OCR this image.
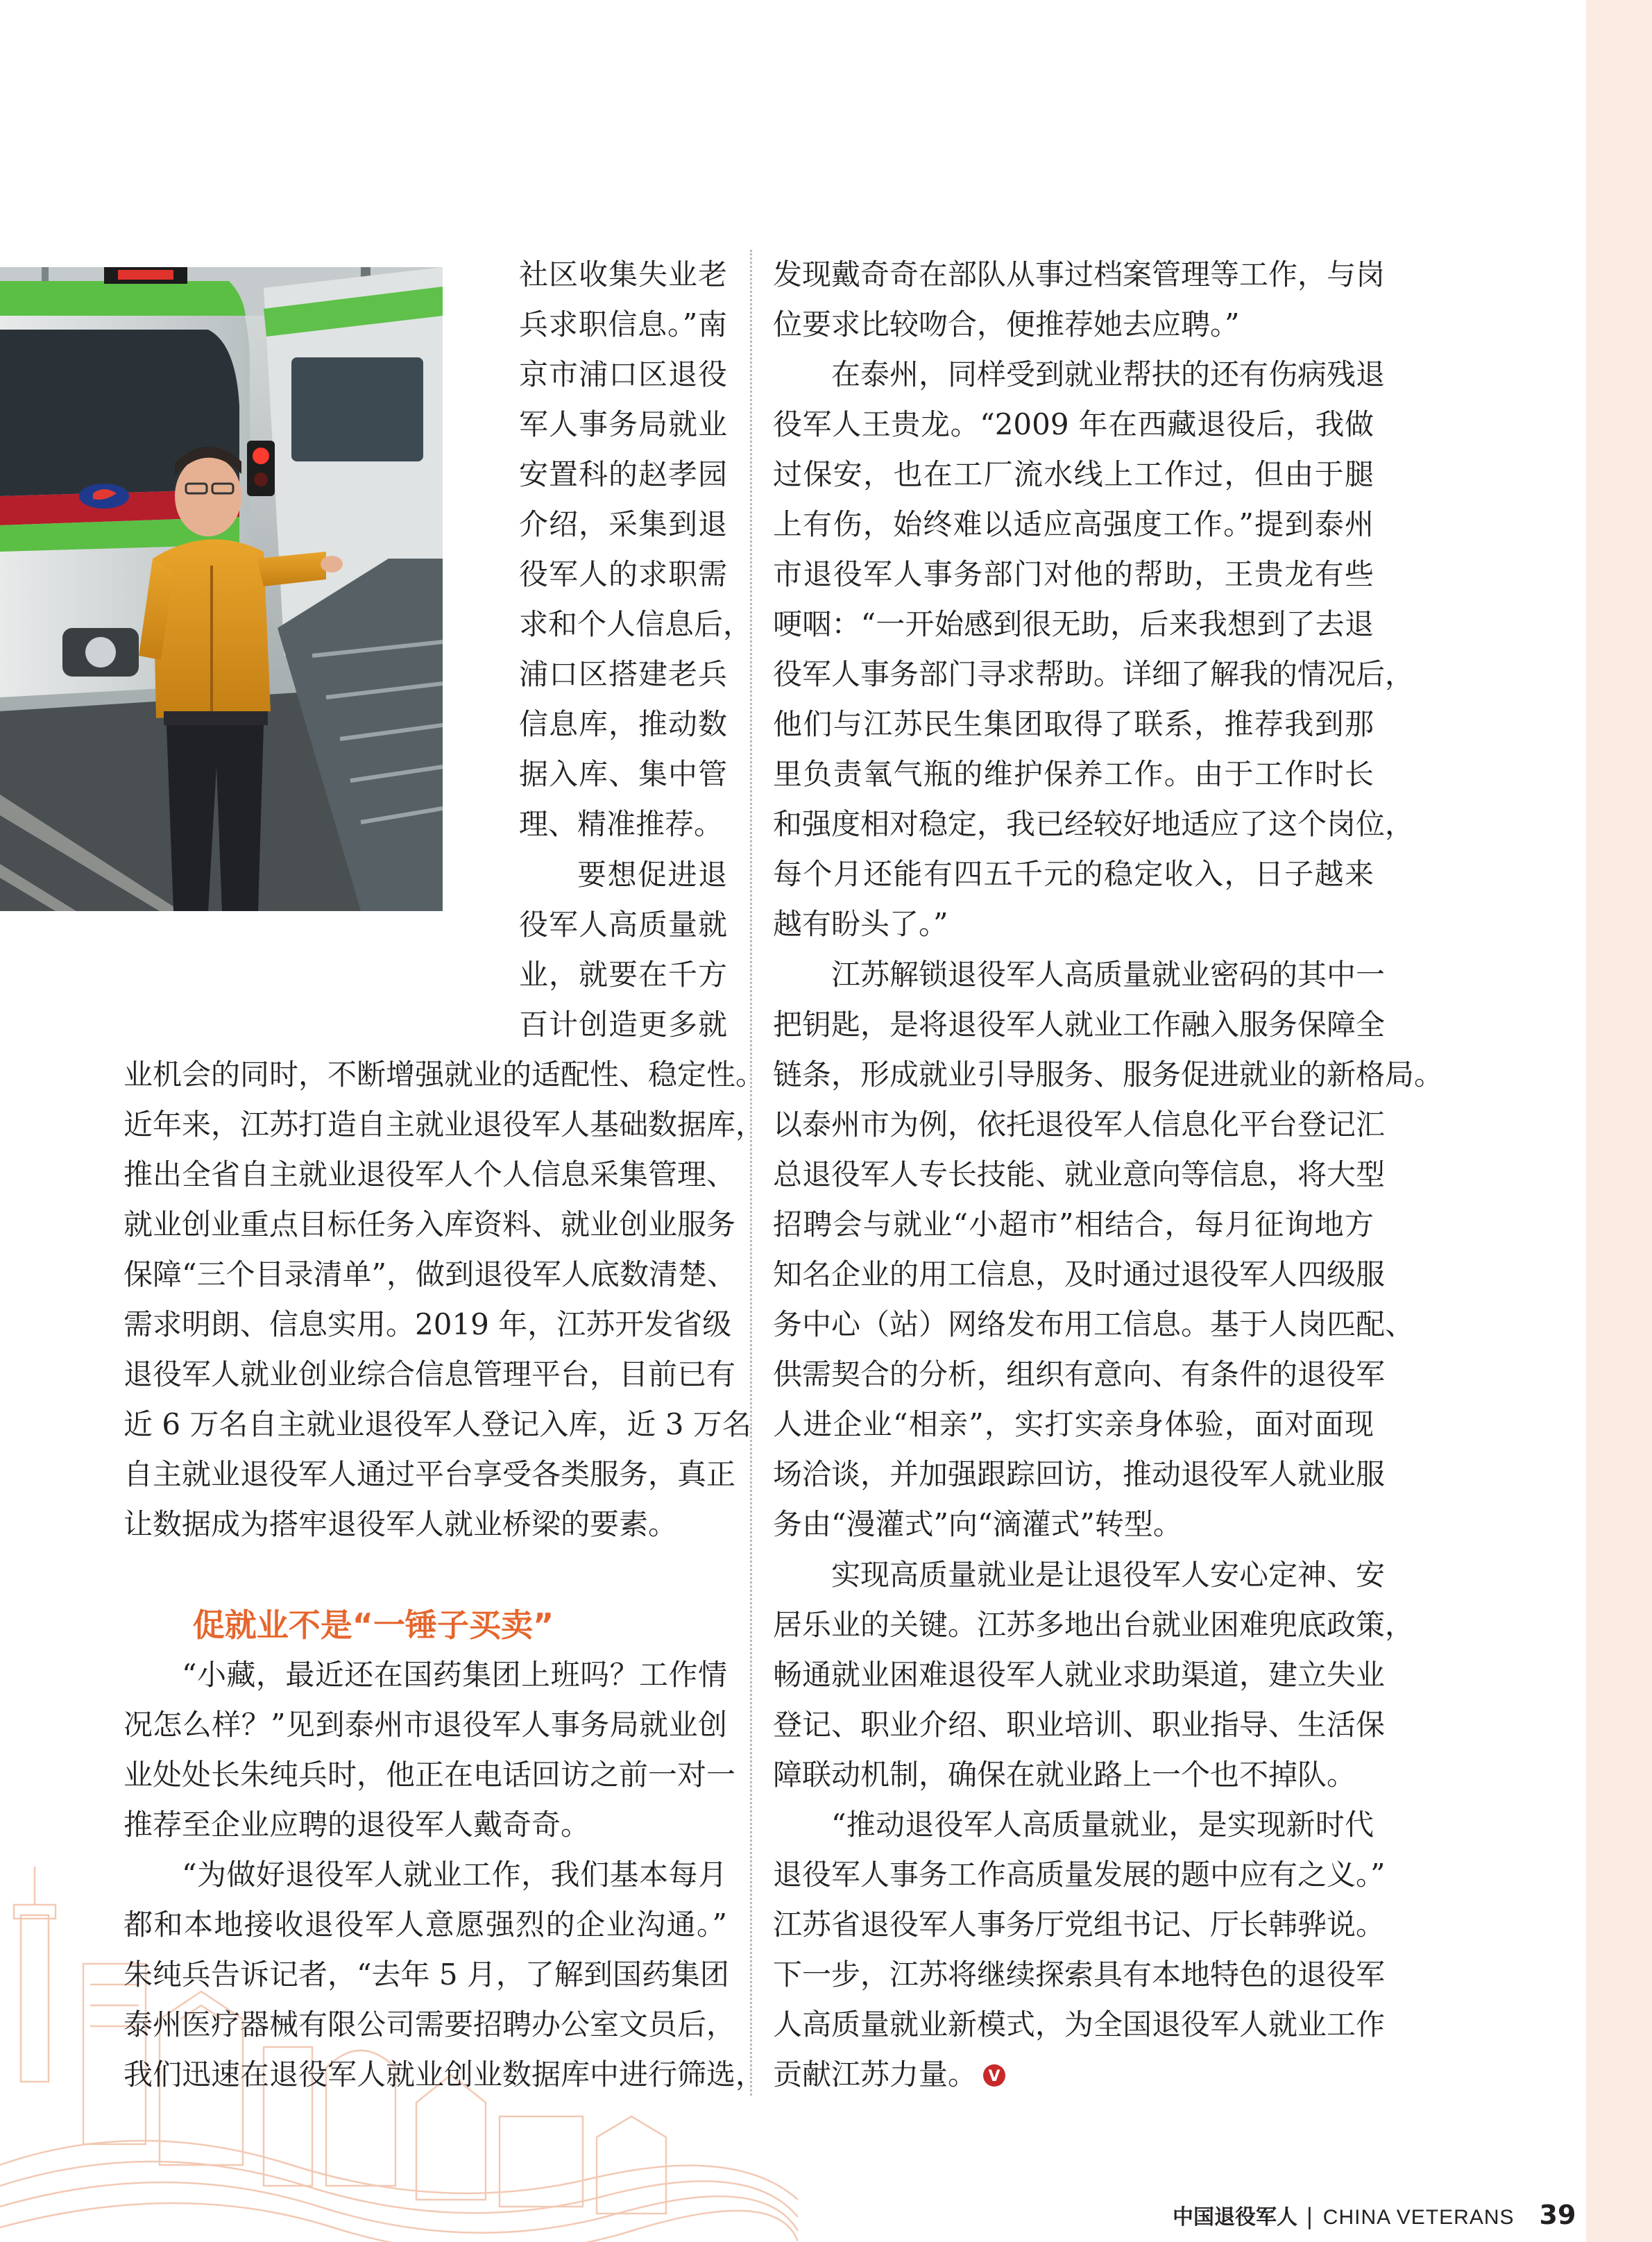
社区收集失业老
兵求职信息。”南
京市浦口区退役
军人事务局就业
安置科的赵孝园
介绍，采集到退
役军人的求职需
求和个人信息后，
浦口区搭建老兵
信息库，推动数
据入库、集中管
理、精准推荐。
要想促进退
役军人高质量就
业，就要在千方
百计创造更多就
业机会的同时，不断增强就业的适配性、稳定性。
近年来，江苏打造自主就业退役军人基础数据库，
推出全省自主就业退役军人个人信息采集管理、
就业创业重点目标任务入库资料、就业创业服务
保障“三个目录清单”，做到退役军人底数清楚、
需求明朗、信息实用。2019 年，江苏开发省级
退役军人就业创业综合信息管理平台，目前已有
近 6 万名自主就业退役军人登记入库，近 3 万名
自主就业退役军人通过平台享受各类服务，真正
让数据成为搭牢退役军人就业桥梁的要素。
促就业不是“一锤子买卖”
“小藏，最近还在国药集团上班吗？工作情
况怎么样？”见到泰州市退役军人事务局就业创
业处处长朱纯兵时，他正在电话回访之前一对一
推荐至企业应聘的退役军人戴奇奇。
“为做好退役军人就业工作，我们基本每月
都和本地接收退役军人意愿强烈的企业沟通。”
朱纯兵告诉记者，“去年 5 月，了解到国药集团
泰州医疗器械有限公司需要招聘办公室文员后，
我们迅速在退役军人就业创业数据库中进行筛选，
发现戴奇奇在部队从事过档案管理等工作，与岗
位要求比较吻合，便推荐她去应聘。”
在泰州，同样受到就业帮扶的还有伤病残退
役军人王贵龙。“2009 年在西藏退役后，我做
过保安，也在工厂流水线上工作过，但由于腿
上有伤，始终难以适应高强度工作。”提到泰州
市退役军人事务部门对他的帮助，王贵龙有些
哽咽：“一开始感到很无助，后来我想到了去退
役军人事务部门寻求帮助。详细了解我的情况后，
他们与江苏民生集团取得了联系，推荐我到那
里负责氧气瓶的维护保养工作。由于工作时长
和强度相对稳定，我已经较好地适应了这个岗位，
每个月还能有四五千元的稳定收入，日子越来
越有盼头了。”
江苏解锁退役军人高质量就业密码的其中一
把钥匙，是将退役军人就业工作融入服务保障全
链条，形成就业引导服务、服务促进就业的新格局。
以泰州市为例，依托退役军人信息化平台登记汇
总退役军人专长技能、就业意向等信息，将大型
招聘会与就业“小超市”相结合，每月征询地方
知名企业的用工信息，及时通过退役军人四级服
务中心（站）网络发布用工信息。基于人岗匹配、
供需契合的分析，组织有意向、有条件的退役军
人进企业“相亲”，实打实亲身体验，面对面现
场洽谈，并加强跟踪回访，推动退役军人就业服
务由“漫灌式”向“滴灌式”转型。
实现高质量就业是让退役军人安心定神、安
居乐业的关键。江苏多地出台就业困难兜底政策，
畅通就业困难退役军人就业求助渠道，建立失业
登记、职业介绍、职业培训、职业指导、生活保
障联动机制，确保在就业路上一个也不掉队。
“推动退役军人高质量就业，是实现新时代
退役军人事务工作高质量发展的题中应有之义。”
江苏省退役军人事务厅党组书记、厅长韩骅说。
下一步，江苏将继续探索具有本地特色的退役军
人高质量就业新模式，为全国退役军人就业工作
贡献江苏力量。 V
中国退役军人 | CHINA VETERANS 39
